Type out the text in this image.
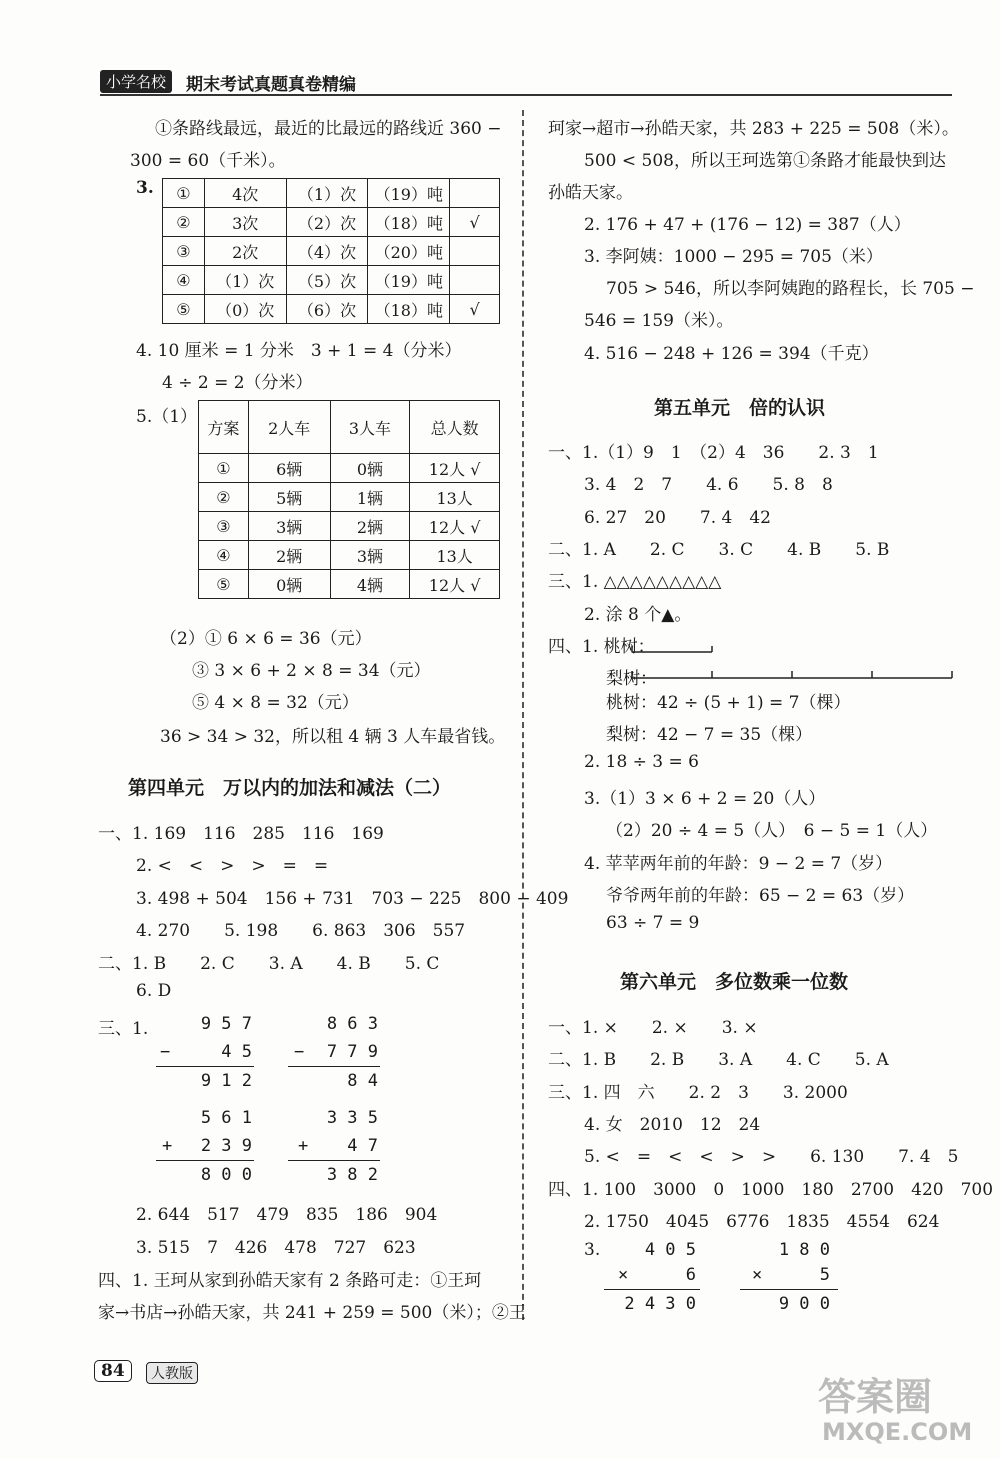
小学名校	期末考试真题真卷精编
①条路线最远，最近的比最远的路线近 360 −
300 = 60（千米）。
3. ①	4次	（1）次	（19）吨	
②	3次	（2）次	（18）吨	√
③	2次	（4）次	（20）吨	
④	（1）次	（5）次	（19）吨	
⑤	（0）次	（6）次	（18）吨	√
4. 10 厘米 = 1 分米　3 + 1 = 4（分米）
4 ÷ 2 = 2（分米）
5.（1）
方案	2人车	3人车	总人数
①	6辆	0辆	12人 √
②	5辆	1辆	13人
③	3辆	2辆	12人 √
④	2辆	3辆	13人
⑤	0辆	4辆	12人 √
（2）① 6 × 6 = 36（元）
③ 3 × 6 + 2 × 8 = 34（元）
⑤ 4 × 8 = 32（元）
36 > 34 > 32，所以租 4 辆 3 人车最省钱。
第四单元　万以内的加法和减法（二）
一、1. 169　116　285　116　169
2. <　<　>　>　=　=
3. 498 + 504　156 + 731　703 − 225　800 − 409
4. 270　　5. 198　　6. 863　306　557
二、1. B　　2. C　　3. A　　4. B　　5. C
6. D
三、1.	9 5 7
−	4 5
9 1 2
8 6 3
−	7 7 9
8 4
5 6 1
+	2 3 9
8 0 0
3 3 5
+	4 7
3 8 2
2. 644　517　479　835　186　904
3. 515　7　426　478　727　623
四、1. 王珂从家到孙皓天家有 2 条路可走：①王珂
家→书店→孙皓天家，共 241 + 259 = 500（米）；②王
珂家→超市→孙皓天家，共 283 + 225 = 508（米）。
500 < 508，所以王珂选第①条路才能最快到达
孙皓天家。
2. 176 + 47 + (176 − 12) = 387（人）
3. 李阿姨：1000 − 295 = 705（米）
705 > 546，所以李阿姨跑的路程长，长 705 −
546 = 159（米）。
4. 516 − 248 + 126 = 394（千克）
第五单元　倍的认识
一、1.（1）9　1　（2）4　36　　2. 3　1
3. 4　2　7　　4. 6　　5. 8　8
6. 27　20　　7. 4　42
二、1. A　　2. C　　3. C　　4. B　　5. B
三、1. △△△△△△△△△
2. 涂 8 个▲。
四、1. 桃树：
梨树：
桃树：42 ÷ (5 + 1) = 7（棵）
梨树：42 − 7 = 35（棵）
2. 18 ÷ 3 = 6
3.（1）3 × 6 + 2 = 20（人）
（2）20 ÷ 4 = 5（人）　6 − 5 = 1（人）
4. 苹苹两年前的年龄：9 − 2 = 7（岁）
爷爷两年前的年龄：65 − 2 = 63（岁）
63 ÷ 7 = 9
第六单元　多位数乘一位数
一、1. ×　　2. ×　　3. ×
二、1. B　　2. B　　3. A　　4. C　　5. A
三、1. 四　六　　2. 2　3　　3. 2000
4. 女　2010　12　24
5. <　=　<　<　>　>　　6. 130　　7. 4　5
四、1. 100　3000　0　1000　180　2700　420　700
2. 1750　4045　6776　1835　4554　624
3.	4 0 5
×	6
2 4 3 0
1 8 0
×	5
9 0 0
84	人教版
答案圈
MXQE.COM
